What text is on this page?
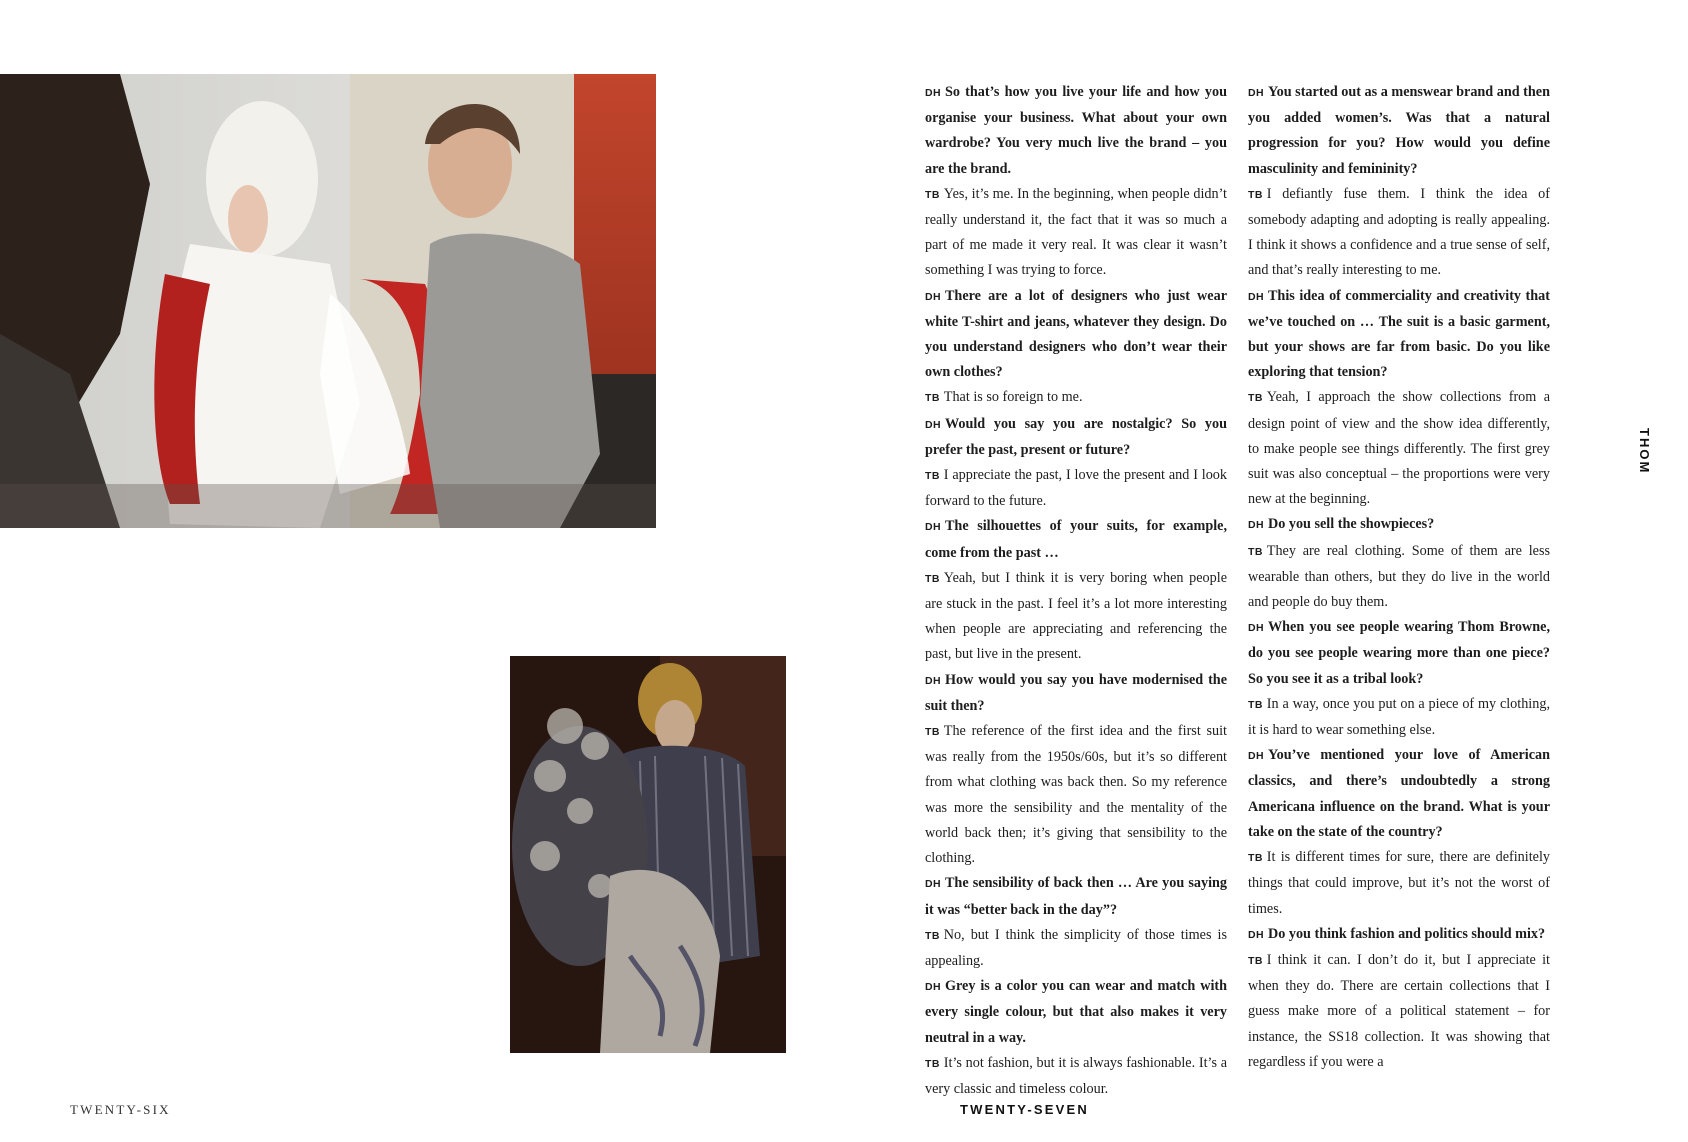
DH So that’s how you live your life and how you organise your business. What about your own wardrobe? You very much live the brand – you are the brand.

TB Yes, it’s me. In the beginning, when people didn’t really understand it, the fact that it was so much a part of me made it very real. It was clear it wasn’t something I was trying to force.

DH There are a lot of designers who just wear white T-shirt and jeans, whatever they design. Do you understand designers who don’t wear their own clothes?

TB That is so foreign to me.

DH Would you say you are nostalgic? So you prefer the past, present or future?

TB I appreciate the past, I love the present and I look forward to the future.

DH The silhouettes of your suits, for example, come from the past …

TB Yeah, but I think it is very boring when people are stuck in the past. I feel it’s a lot more interesting when people are appreciating and referencing the past, but live in the present.

DH How would you say you have modernised the suit then?

TB The reference of the first idea and the first suit was really from the 1950s/60s, but it’s so different from what clothing was back then. So my reference was more the sensibility and the mentality of the world back then; it’s giving that sensibility to the clothing.

DH The sensibility of back then … Are you saying it was “better back in the day”?

TB No, but I think the simplicity of those times is appealing.

DH Grey is a color you can wear and match with every single colour, but that also makes it very neutral in a way.

TB It’s not fashion, but it is always fashionable. It’s a very classic and timeless colour.

DH You started out as a menswear brand and then you added women’s. Was that a natural progression for you? How would you define masculinity and femininity?

TB I defiantly fuse them. I think the idea of somebody adapting and adopting is really appealing. I think it shows a confidence and a true sense of self, and that’s really interesting to me.

DH This idea of commerciality and creativity that we’ve touched on … The suit is a basic garment, but your shows are far from basic. Do you like exploring that tension?

TB Yeah, I approach the show collections from a design point of view and the show idea differently, to make people see things differently. The first grey suit was also conceptual – the proportions were very new at the beginning.

DH Do you sell the showpieces?

TB They are real clothing. Some of them are less wearable than others, but they do live in the world and people do buy them.

DH When you see people wearing Thom Browne, do you see people wearing more than one piece? So you see it as a tribal look?

TB In a way, once you put on a piece of my clothing, it is hard to wear something else.

DH You’ve mentioned your love of American classics, and there’s undoubtedly a strong Americana influence on the brand. What is your take on the state of the country?

TB It is different times for sure, there are definitely things that could improve, but it’s not the worst of times.

DH Do you think fashion and politics should mix?

TB I think it can. I don’t do it, but I appreciate it when they do. There are certain collections that I guess make more of a political statement – for instance, the SS18 collection. It was showing that regardless if you were a

THOM
TWENTY-SIX	TWENTY-SEVEN
